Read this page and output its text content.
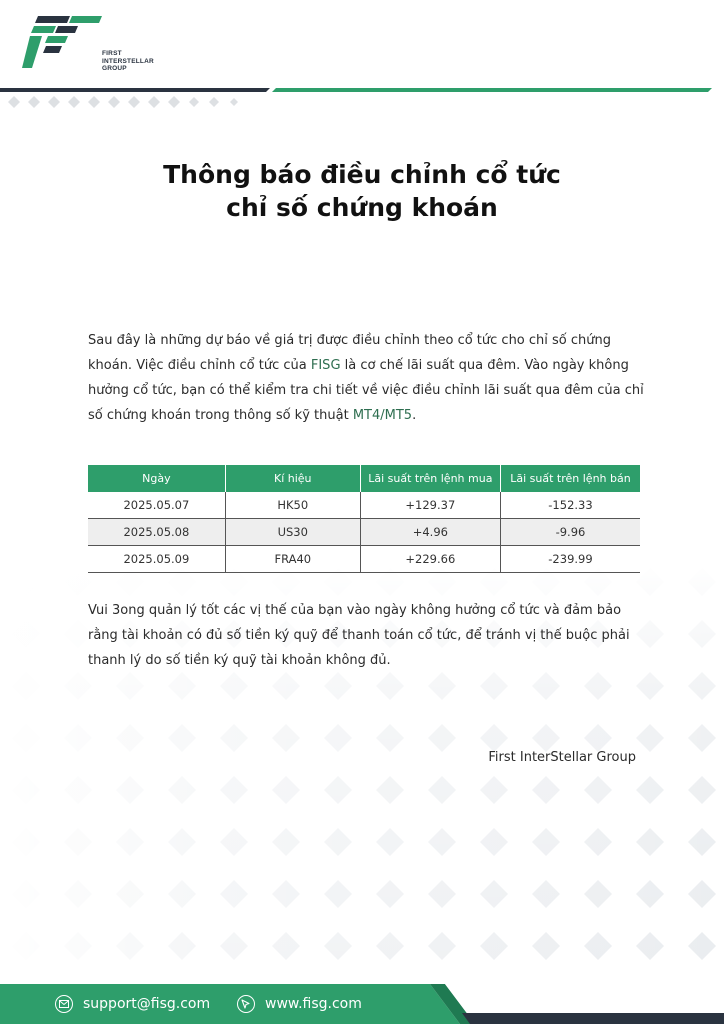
FIRST
INTERSTELLAR
GROUP
Thông báo điều chỉnh cổ tức
chỉ số chứng khoán
Sau đây là những dự báo về giá trị được điều chỉnh theo cổ tức cho chỉ số chứng khoán. Việc điều chỉnh cổ tức của FISG là cơ chế lãi suất qua đêm. Vào ngày không hưởng cổ tức, bạn có thể kiểm tra chi tiết về việc điều chỉnh lãi suất qua đêm của chỉ số chứng khoán trong thông số kỹ thuật MT4/MT5.
Ngày	Kí hiệu	Lãi suất trên lệnh mua	Lãi suất trên lệnh bán
2025.05.07	HK50	+129.37	-152.33
2025.05.08	US30	+4.96	-9.96
2025.05.09	FRA40	+229.66	-239.99
Vui 3ong quản lý tốt các vị thế của bạn vào ngày không hưởng cổ tức và đảm bảo rằng tài khoản có đủ số tiền ký quỹ để thanh toán cổ tức, để tránh vị thế buộc phải thanh lý do số tiền ký quỹ tài khoản không đủ.
First InterStellar Group
support@fisg.com	www.fisg.com
